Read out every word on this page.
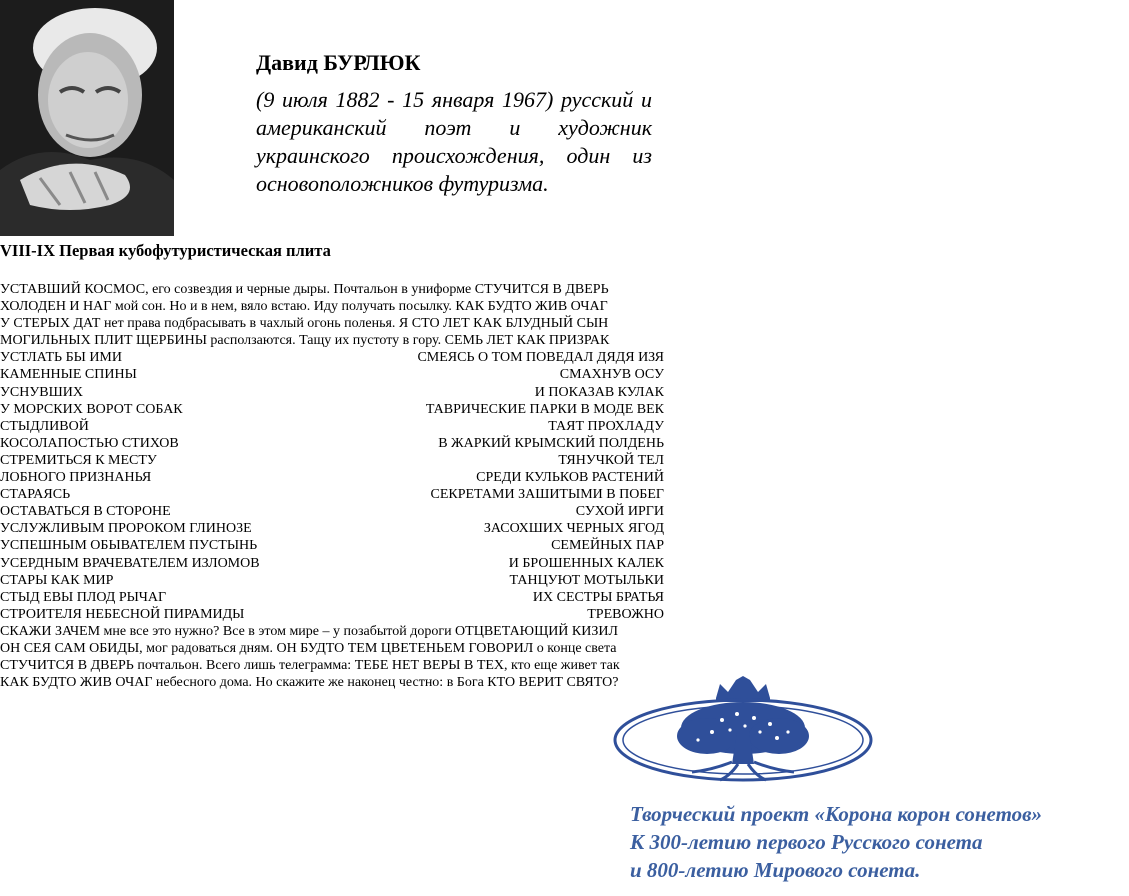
Давид БУРЛЮК

(9 июля 1882 - 15 января 1967) русский и американский поэт и художник украинского происхождения, один из основоположников футуризма.

VIII-IX Первая кубофутуристическая плита
УСТАВШИЙ КОСМОС, его созвездия и черные дыры. Почтальон в униформе СТУЧИТСЯ В ДВЕРЬ
ХОЛОДЕН И НАГ мой сон. Но и в нем, вяло встаю. Иду получать посылку. КАК БУДТО ЖИВ ОЧАГ
У СТЕРЫХ ДАТ нет права подбрасывать в чахлый огонь поленья. Я СТО ЛЕТ КАК БЛУДНЫЙ СЫН
МОГИЛЬНЫХ ПЛИТ ЩЕРБИНЫ расползаются. Тащу их пустоту в гору. СЕМЬ ЛЕТ КАК ПРИЗРАК
УСТЛАТЬ БЫ ИМИ	СМЕЯСЬ О ТОМ ПОВЕДАЛ ДЯДЯ ИЗЯ
КАМЕННЫЕ СПИНЫ	СМАХНУВ ОСУ
УСНУВШИХ	И ПОКАЗАВ КУЛАК
У МОРСКИХ ВОРОТ СОБАК	ТАВРИЧЕСКИЕ ПАРКИ В МОДЕ ВЕК
СТЫДЛИВОЙ	ТАЯТ ПРОХЛАДУ
КОСОЛАПОСТЬЮ СТИХОВ	В ЖАРКИЙ КРЫМСКИЙ ПОЛДЕНЬ
СТРЕМИТЬСЯ К МЕСТУ	ТЯНУЧКОЙ ТЕЛ
ЛОБНОГО ПРИЗНАНЬЯ	СРЕДИ КУЛЬКОВ РАСТЕНИЙ
СТАРАЯСЬ	СЕКРЕТАМИ ЗАШИТЫМИ В ПОБЕГ
ОСТАВАТЬСЯ В СТОРОНЕ	СУХОЙ ИРГИ
УСЛУЖЛИВЫМ ПРОРОКОМ ГЛИНОЗЕ	ЗАСОХШИХ ЧЕРНЫХ ЯГОД
УСПЕШНЫМ ОБЫВАТЕЛЕМ ПУСТЫНЬ	СЕМЕЙНЫХ ПАР
УСЕРДНЫМ ВРАЧЕВАТЕЛЕМ ИЗЛОМОВ	И БРОШЕННЫХ КАЛЕК
СТАРЫ КАК МИР	ТАНЦУЮТ МОТЫЛЬКИ
СТЫД ЕВЫ ПЛОД РЫЧАГ	ИХ СЕСТРЫ БРАТЬЯ
СТРОИТЕЛЯ НЕБЕСНОЙ ПИРАМИДЫ	ТРЕВОЖНО
СКАЖИ ЗАЧЕМ мне все это нужно? Все в этом мире – у позабытой дороги ОТЦВЕТАЮЩИЙ КИЗИЛ
ОН СЕЯ САМ ОБИДЫ, мог радоваться дням. ОН БУДТО ТЕМ ЦВЕТЕНЬЕМ ГОВОРИЛ о конце света
СТУЧИТСЯ В ДВЕРЬ почтальон. Всего лишь телеграмма: ТЕБЕ НЕТ ВЕРЫ В ТЕХ, кто еще живет так
КАК БУДТО ЖИВ ОЧАГ небесного дома. Но скажите же наконец честно: в Бога КТО ВЕРИТ СВЯТО?
Творческий проект «Корона корон сонетов»
К 300-летию первого Русского сонета
и 800-летию Мирового сонета.
